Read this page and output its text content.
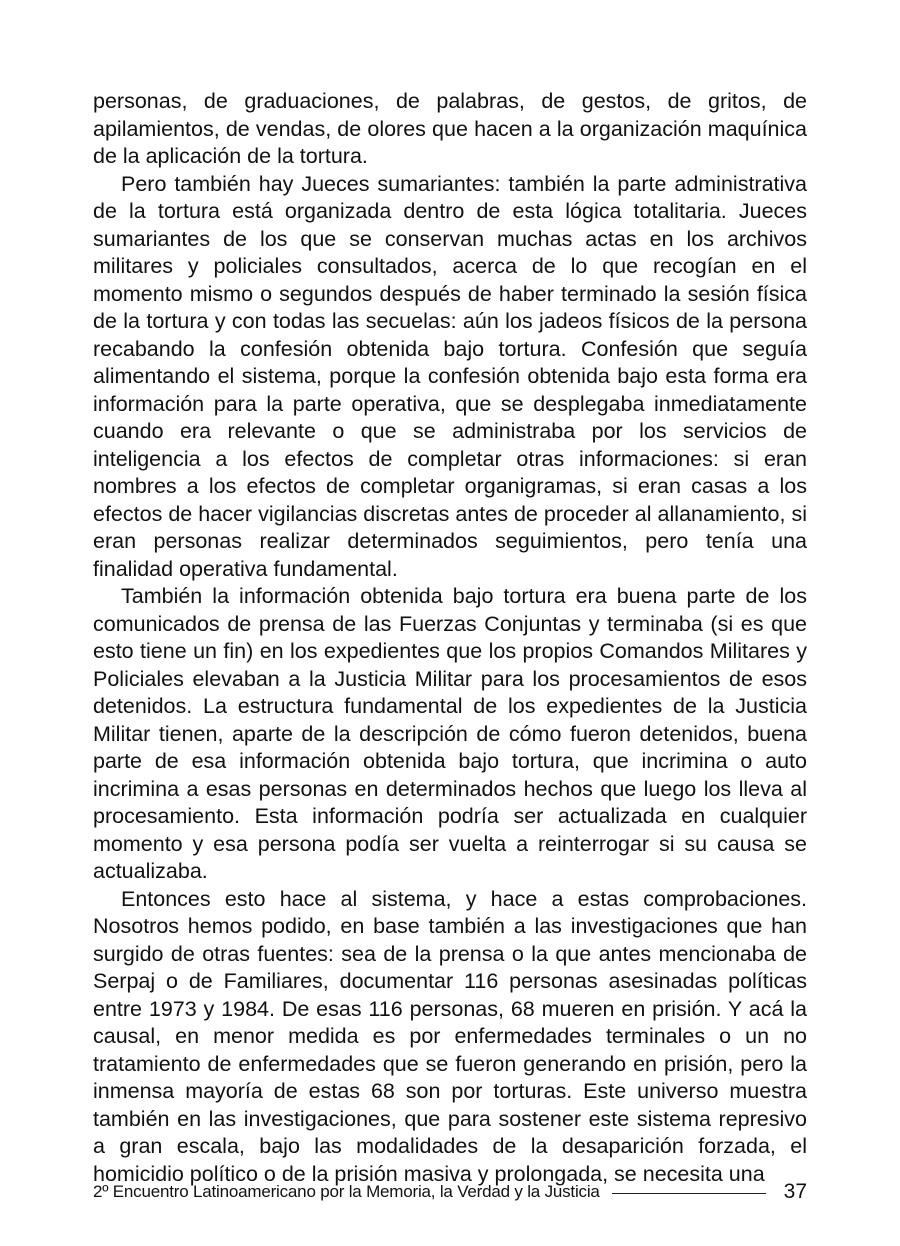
personas, de graduaciones, de palabras, de gestos, de gritos, de apilamientos, de vendas, de olores que hacen a la organización maquínica de la aplicación de la tortura.

Pero también hay Jueces sumariantes: también la parte administrativa de la tortura está organizada dentro de esta lógica totalitaria. Jueces sumariantes de los que se conservan muchas actas en los archivos militares y policiales consultados, acerca de lo que recogían en el momento mismo o segundos después de haber terminado la sesión física de la tortura y con todas las secuelas: aún los jadeos físicos de la persona recabando la confesión obtenida bajo tortura. Confesión que seguía alimentando el sistema, porque la confesión obtenida bajo esta forma era información para la parte operativa, que se desplegaba inmediatamente cuando era relevante o que se administraba por los servicios de inteligencia a los efectos de completar otras informaciones: si eran nombres a los efectos de completar organigramas, si eran casas a los efectos de hacer vigilancias discretas antes de proceder al allanamiento, si eran personas realizar determinados seguimientos, pero tenía una finalidad operativa fundamental.

También la información obtenida bajo tortura era buena parte de los comunicados de prensa de las Fuerzas Conjuntas y terminaba (si es que esto tiene un fin) en los expedientes que los propios Comandos Militares y Policiales elevaban a la Justicia Militar para los procesamientos de esos detenidos. La estructura fundamental de los expedientes de la Justicia Militar tienen, aparte de la descripción de cómo fueron detenidos, buena parte de esa información obtenida bajo tortura, que incrimina o auto incrimina a esas personas en determinados hechos que luego los lleva al procesamiento. Esta información podría ser actualizada en cualquier momento y esa persona podía ser vuelta a reinterrogar si su causa se actualizaba.

Entonces esto hace al sistema, y hace a estas comprobaciones. Nosotros hemos podido, en base también a las investigaciones que han surgido de otras fuentes: sea de la prensa o la que antes mencionaba de Serpaj o de Familiares, documentar 116 personas asesinadas políticas entre 1973 y 1984. De esas 116 personas, 68 mueren en prisión. Y acá la causal, en menor medida es por enfermedades terminales o un no tratamiento de enfermedades que se fueron generando en prisión, pero la inmensa mayoría de estas 68 son por torturas. Este universo muestra también en las investigaciones, que para sostener este sistema represivo a gran escala, bajo las modalidades de la desaparición forzada, el homicidio político o de la prisión masiva y prolongada, se necesita una

2º Encuentro Latinoamericano por la Memoria, la Verdad y la Justicia	37
